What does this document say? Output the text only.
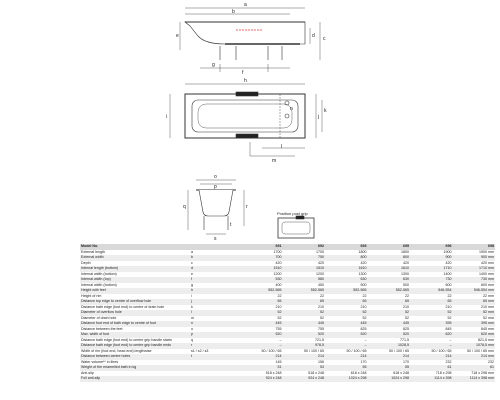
a
b
c
d
e
f
g
h
i	j
k
l
m
n
o
p
q	r
s
t
Position post grip
Model No.		691	692	693	695	696	698
External length	a	1700	1700	1800	1800	1900	1900 mm
External width	b	700	750	800	800	900	900 mm
Depth	c	420	420	420	420	420	420 mm
Internal length (bottom)	d	1510	1510	1610	1610	1710	1710 mm
Internal width (bottom)	e	1200	1200	1300	1300	1400	1400 mm
Internal width (top)	f	530	580	630	630	730	730 mm
Internal width (bottom)	g	400	450	500	500	600	600 mm
Height with feet	h	552-565	552-565	552-565	552-565	546-554	546-554 mm
Height of rim	i	22	22	22	22	22	22 mm
Distance top edge to centre of overflow hole	j	65	65	65	65	65	65 mm
Distance bath edge (foot end) to centre of drain hole	k	210	210	210	210	210	210 mm
Diameter of overflow hole	l	52	52	52	52	52	52 mm
Diameter of drain hole	m	52	52	52	52	52	52 mm
Distance foot end of bath edge to centre of foot	n	445	445	445	445	395	395 mm
Distance between the feet	o	755	755	825	825	845	845 mm
Max. width of foot	p	520	520	520	520	620	620 mm
Distance bath edge (foot end) to centre grip handle starts	q	–	721,5	–	771,5	–	821,5 mm
Distance bath edge (foot end) to centre grip handle ends	r	–	978,5	–	1028,5	–	1078,5 mm
Width of rim (foot end, head end) lengthwise	s1 / s2 / s3	50 / 100 / 65	50 / 100 / 65	50 / 100 / 65	50 / 100 / 65	50 / 100 / 65	50 / 100 / 65 mm
Distance between centre holes	t	214	214	214	214	214	214 mm
Water volume** in litres		145	156	170	170	232	232
Weight of the enamelled bath in kg		51	53	55	55	61	61
Anti-slip		518 x 248	518 x 248	618 x 248	618 x 248	718 x 298	718 x 298 mm
Full anti-slip		924 x 248	924 x 248	1024 x 298	1024 x 298	1114 x 398	1114 x 398 mm
